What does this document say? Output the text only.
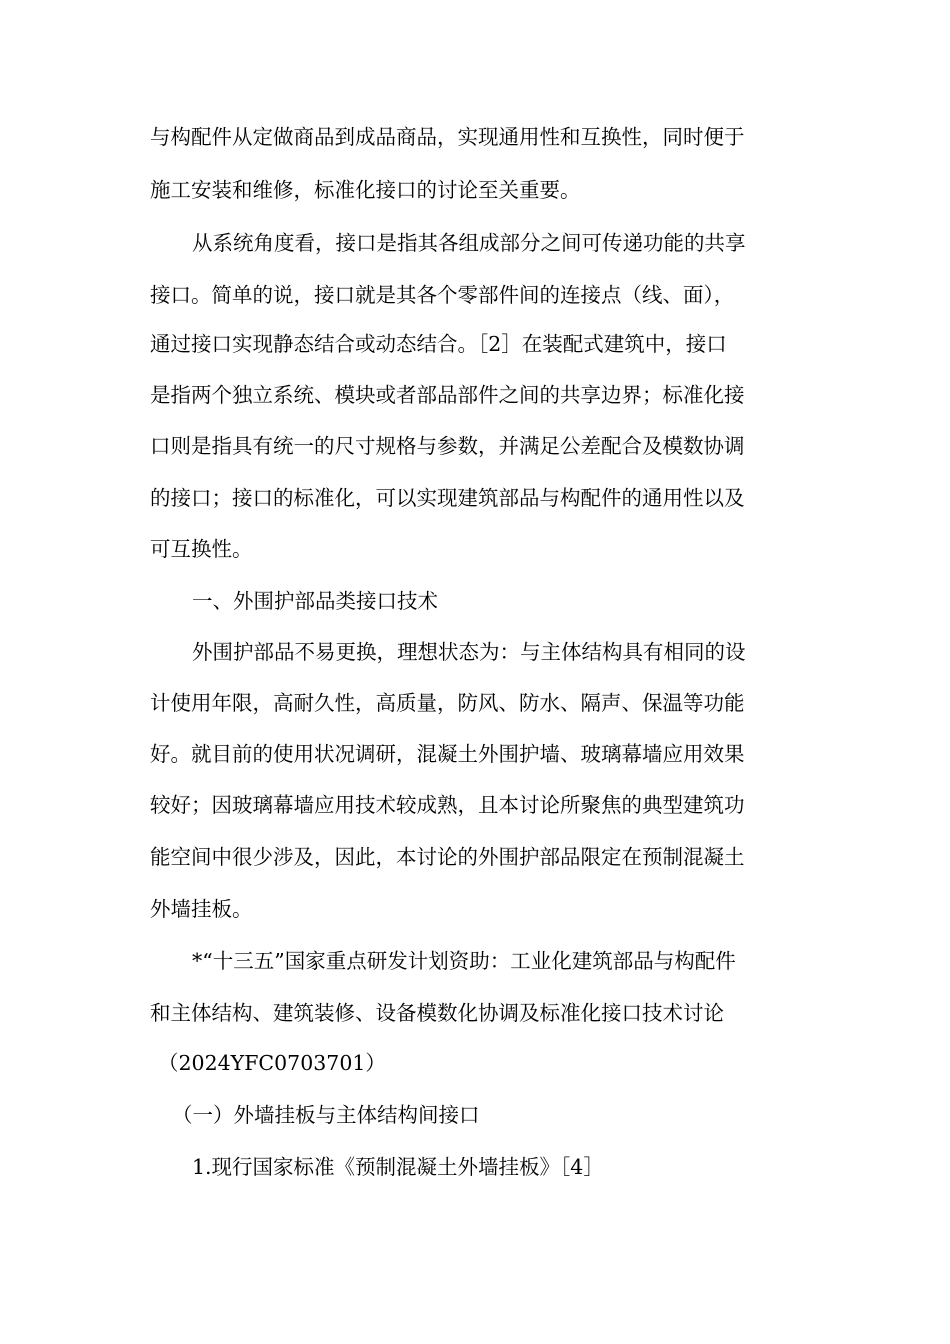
与构配件从定做商品到成品商品，实现通用性和互换性，同时便于
施工安装和维修，标准化接口的讨论至关重要。
从系统角度看，接口是指其各组成部分之间可传递功能的共享
接口。简单的说，接口就是其各个零部件间的连接点（线、面），
通过接口实现静态结合或动态结合。［2］在装配式建筑中，接口
是指两个独立系统、模块或者部品部件之间的共享边界；标准化接
口则是指具有统一的尺寸规格与参数，并满足公差配合及模数协调
的接口；接口的标准化，可以实现建筑部品与构配件的通用性以及
可互换性。
一、外围护部品类接口技术
外围护部品不易更换，理想状态为：与主体结构具有相同的设
计使用年限，高耐久性，高质量，防风、防水、隔声、保温等功能
好。就目前的使用状况调研，混凝土外围护墙、玻璃幕墙应用效果
较好；因玻璃幕墙应用技术较成熟，且本讨论所聚焦的典型建筑功
能空间中很少涉及，因此，本讨论的外围护部品限定在预制混凝土
外墙挂板。
*“十三五”国家重点研发计划资助：工业化建筑部品与构配件
和主体结构、建筑装修、设备模数化协调及标准化接口技术讨论
（2024YFC0703701）
（一）外墙挂板与主体结构间接口
1.现行国家标准《预制混凝土外墙挂板》［4］
